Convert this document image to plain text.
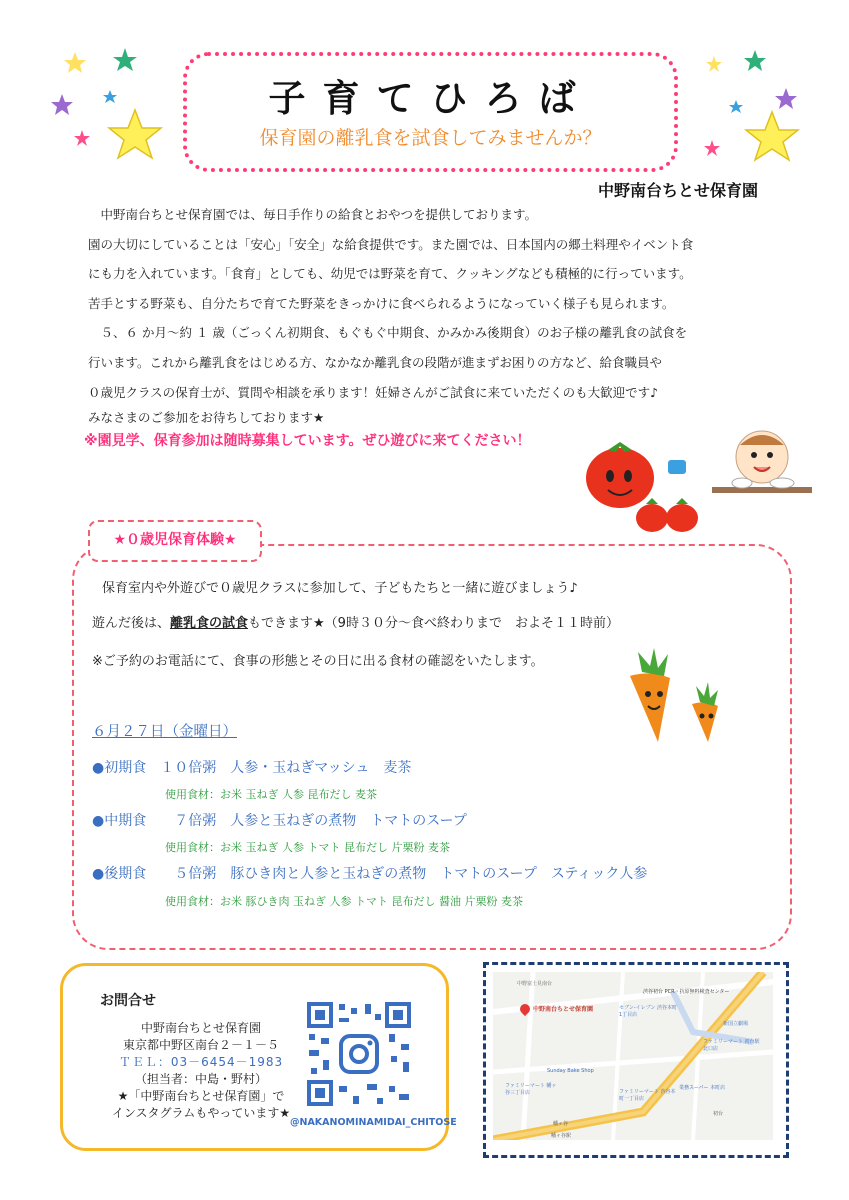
子育てひろば
保育園の離乳食を試食してみませんか？
中野南台ちとせ保育園

　中野南台ちとせ保育園では、毎日手作りの給食とおやつを提供しております。

園の大切にしていることは「安心」「安全」な給食提供です。また園では、日本国内の郷土料理やイベント食

にも力を入れています。「食育」としても、幼児では野菜を育て、クッキングなども積極的に行っています。

苦手とする野菜も、自分たちで育てた野菜をきっかけに食べられるようになっていく様子も見られます。

　５、６ か月～約 １ 歳（ごっくん初期食、もぐもぐ中期食、かみかみ後期食）のお子様の離乳食の試食を

行います。これから離乳食をはじめる方、なかなか離乳食の段階が進まずお困りの方など、給食職員や

０歳児クラスの保育士が、質問や相談を承ります！妊婦さんがご試食に来ていただくのも大歓迎です♪

みなさまのご参加をお待ちしております★

※園見学、保育参加は随時募集しています。ぜひ遊びに来てください！

★０歳児保育体験★
保育室内や外遊びで０歳児クラスに参加して、子どもたちと一緒に遊びましょう♪
遊んだ後は、離乳食の試食もできます★（9時３０分～食べ終わりまで　およそ１１時前）
※ご予約のお電話にて、食事の形態とその日に出る食材の確認をいたします。
６月２７日（金曜日）
●初期食　１０倍粥　人参・玉ねぎマッシュ　麦茶
使用食材：お米 玉ねぎ 人参 昆布だし 麦茶
●中期食　　７倍粥　人参と玉ねぎの煮物　トマトのスープ
使用食材：お米 玉ねぎ 人参 トマト 昆布だし 片栗粉 麦茶
●後期食　　５倍粥　豚ひき肉と人参と玉ねぎの煮物　トマトのスープ　スティック人参
使用食材：お米 豚ひき肉 玉ねぎ 人参 トマト 昆布だし 醤油 片栗粉 麦茶
お問合せ
中野南台ちとせ保育園
東京都中野区南台２－１－５
ＴＥＬ：03－6454－1983
（担当者：中島・野村）
★「中野南台ちとせ保育園」で
インスタグラムもやっています★
@NAKANOMINAMIDAI_CHITOSE
中野南台ちとせ保育園
中野富士見南台
渋谷初台 PCR・抗原無料検査センター
セブン-イレブン 渋谷本町1丁目店
新国立劇場
ファミリーマート 初台駅北口店
Sunday Bake Shop
ファミリーマート 幡ヶ谷三丁目店	ファミリーマート 渋谷本町一丁目店
業務スーパー 本町店
幡ヶ谷
初台
幡ヶ谷駅
